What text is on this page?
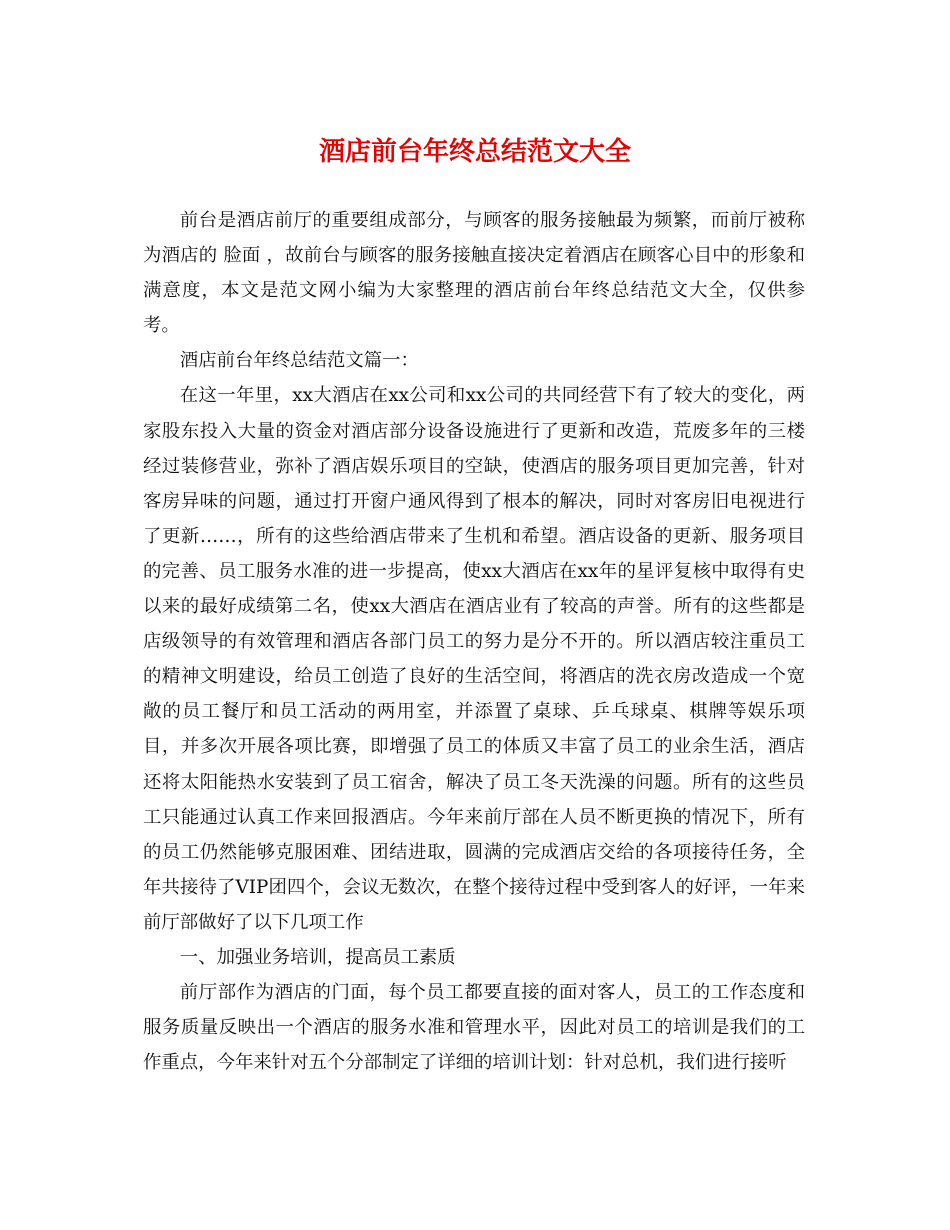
酒店前台年终总结范文大全

前台是酒店前厅的重要组成部分，与顾客的服务接触最为频繁，而前厅被称为酒店的 脸面 ，故前台与顾客的服务接触直接决定着酒店在顾客心目中的形象和满意度，本文是范文网小编为大家整理的酒店前台年终总结范文大全，仅供参考。

酒店前台年终总结范文篇一：

在这一年里，xx大酒店在xx公司和xx公司的共同经营下有了较大的变化，两家股东投入大量的资金对酒店部分设备设施进行了更新和改造，荒废多年的三楼经过装修营业，弥补了酒店娱乐项目的空缺，使酒店的服务项目更加完善，针对客房异味的问题，通过打开窗户通风得到了根本的解决，同时对客房旧电视进行了更新……，所有的这些给酒店带来了生机和希望。酒店设备的更新、服务项目的完善、员工服务水准的进一步提高，使xx大酒店在xx年的星评复核中取得有史以来的最好成绩第二名，使xx大酒店在酒店业有了较高的声誉。所有的这些都是店级领导的有效管理和酒店各部门员工的努力是分不开的。所以酒店较注重员工的精神文明建设，给员工创造了良好的生活空间，将酒店的洗衣房改造成一个宽敞的员工餐厅和员工活动的两用室，并添置了桌球、乒乓球桌、棋牌等娱乐项目，并多次开展各项比赛，即增强了员工的体质又丰富了员工的业余生活，酒店还将太阳能热水安装到了员工宿舍，解决了员工冬天洗澡的问题。所有的这些员工只能通过认真工作来回报酒店。今年来前厅部在人员不断更换的情况下，所有的员工仍然能够克服困难、团结进取，圆满的完成酒店交给的各项接待任务，全年共接待了VIP团四个，会议无数次，在整个接待过程中受到客人的好评，一年来前厅部做好了以下几项工作

一、加强业务培训，提高员工素质

前厅部作为酒店的门面，每个员工都要直接的面对客人，员工的工作态度和服务质量反映出一个酒店的服务水准和管理水平，因此对员工的培训是我们的工作重点，今年来针对五个分部制定了详细的培训计划：针对总机，我们进行接听
